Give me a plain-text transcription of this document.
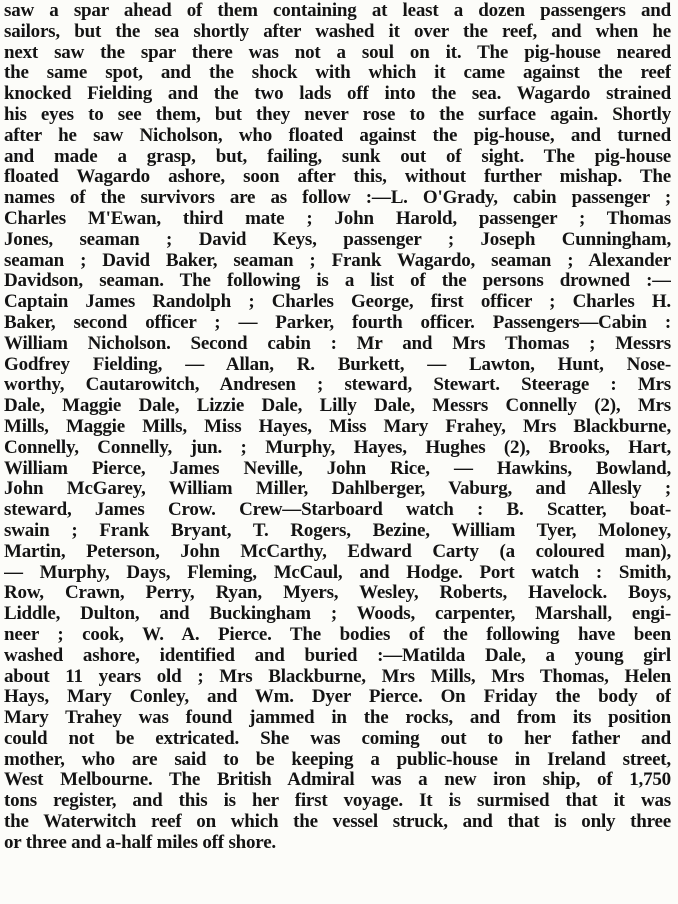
saw a spar ahead of them containing at least a dozen passengers and
sailors, but the sea shortly after washed it over the reef, and when he
next saw the spar there was not a soul on it. The pig-house neared
the same spot, and the shock with which it came against the reef
knocked Fielding and the two lads off into the sea. Wagardo strained
his eyes to see them, but they never rose to the surface again. Shortly
after he saw Nicholson, who floated against the pig-house, and turned
and made a grasp, but, failing, sunk out of sight. The pig-house
floated Wagardo ashore, soon after this, without further mishap. The
names of the survivors are as follow :—L. O'Grady, cabin passenger ;
Charles M'Ewan, third mate ; John Harold, passenger ; Thomas
Jones, seaman ; David Keys, passenger ; Joseph Cunningham,
seaman ; David Baker, seaman ; Frank Wagardo, seaman ; Alexander
Davidson, seaman. The following is a list of the persons drowned :—
Captain James Randolph ; Charles George, first officer ; Charles H.
Baker, second officer ; — Parker, fourth officer. Passengers—Cabin :
William Nicholson. Second cabin : Mr and Mrs Thomas ; Messrs
Godfrey Fielding, — Allan, R. Burkett, — Lawton, Hunt, Nose-
worthy, Cautarowitch, Andresen ; steward, Stewart. Steerage : Mrs
Dale, Maggie Dale, Lizzie Dale, Lilly Dale, Messrs Connelly (2), Mrs
Mills, Maggie Mills, Miss Hayes, Miss Mary Frahey, Mrs Blackburne,
Connelly, Connelly, jun. ; Murphy, Hayes, Hughes (2), Brooks, Hart,
William Pierce, James Neville, John Rice, — Hawkins, Bowland,
John McGarey, William Miller, Dahlberger, Vaburg, and Allesly ;
steward, James Crow. Crew—Starboard watch : B. Scatter, boat-
swain ; Frank Bryant, T. Rogers, Bezine, William Tyer, Moloney,
Martin, Peterson, John McCarthy, Edward Carty (a coloured man),
— Murphy, Days, Fleming, McCaul, and Hodge. Port watch : Smith,
Row, Crawn, Perry, Ryan, Myers, Wesley, Roberts, Havelock. Boys,
Liddle, Dulton, and Buckingham ; Woods, carpenter, Marshall, engi-
neer ; cook, W. A. Pierce. The bodies of the following have been
washed ashore, identified and buried :—Matilda Dale, a young girl
about 11 years old ; Mrs Blackburne, Mrs Mills, Mrs Thomas, Helen
Hays, Mary Conley, and Wm. Dyer Pierce. On Friday the body of
Mary Trahey was found jammed in the rocks, and from its position
could not be extricated. She was coming out to her father and
mother, who are said to be keeping a public-house in Ireland street,
West Melbourne. The British Admiral was a new iron ship, of 1,750
tons register, and this is her first voyage. It is surmised that it was
the Waterwitch reef on which the vessel struck, and that is only three
or three and a-half miles off shore.
